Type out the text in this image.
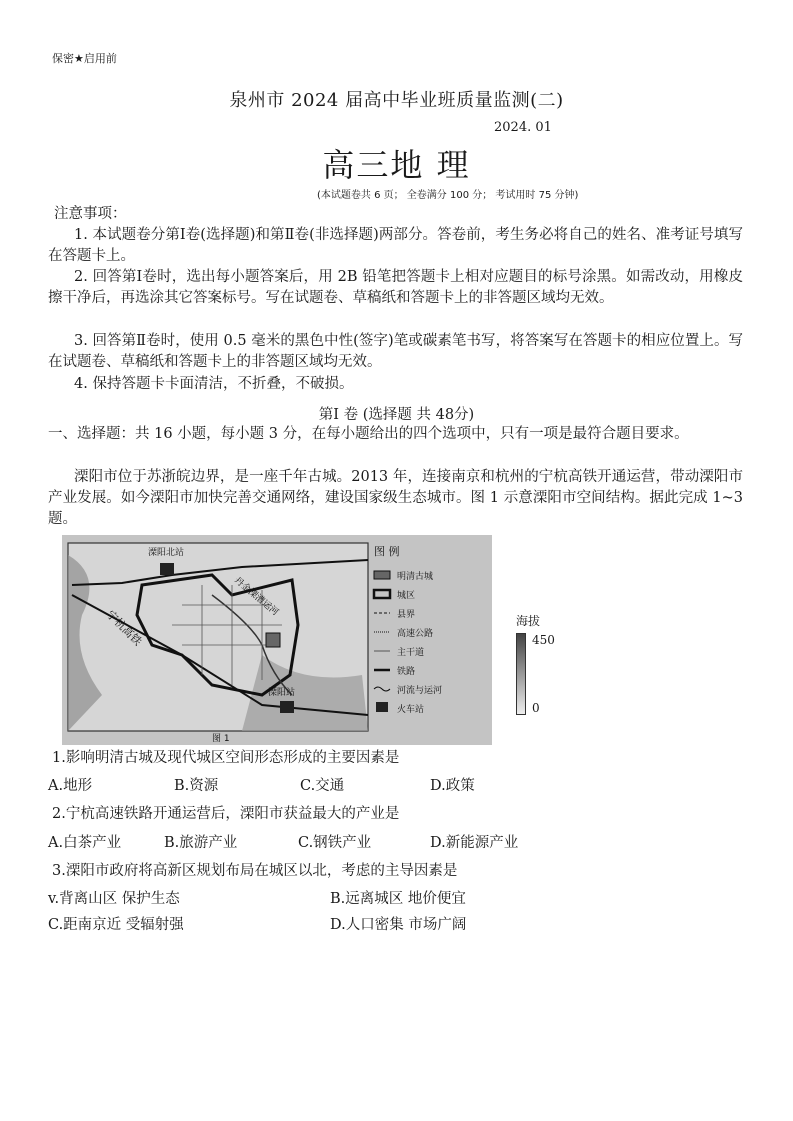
保密★启用前
泉州市 2024 届高中毕业班质量监测(二)
2024. 01
高三地 理
(本试题卷共 6 页； 全卷满分 100 分； 考试用时 75 分钟)
注意事项：
1. 本试题卷分第Ⅰ卷(选择题)和第Ⅱ卷(非选择题)两部分。答卷前，考生务必将自己的姓名、准考证号填写在答题卡上。
2. 回答第Ⅰ卷时，选出每小题答案后，用 2B 铅笔把答题卡上相对应题目的标号涂黑。如需改动，用橡皮擦干净后，再选涂其它答案标号。写在试题卷、草稿纸和答题卡上的非答题区域均无效。
3. 回答第Ⅱ卷时，使用 0.5 毫米的黑色中性(签字)笔或碳素笔书写，将答案写在答题卡的相应位置上。写在试题卷、草稿纸和答题卡上的非答题区域均无效。
4. 保持答题卡卡面清洁，不折叠，不破损。
第Ⅰ 卷 (选择题 共 48分)
一、选择题：共 16 小题，每小题 3 分，在每小题给出的四个选项中，只有一项是最符合题目要求。
溧阳市位于苏浙皖边界，是一座千年古城。2013 年，连接南京和杭州的宁杭高铁开通运营，带动溧阳市产业发展。如今溧阳市加快完善交通网络，建设国家级生态城市。图 1 示意溧阳市空间结构。据此完成 1~3 题。
溧阳北站
丹金溧漕运河
宁杭高铁
溧阳站
图 1
图 例
明清古城
城区
县界
高速公路
主干道
铁路
河流与运河
火车站
海拔
450
0
1.影响明清古城及现代城区空间形态形成的主要因素是
A.地形	B.资源	C.交通	D.政策
2.宁杭高速铁路开通运营后，溧阳市获益最大的产业是
A.白茶产业	B.旅游产业	C.钢铁产业	D.新能源产业
3.溧阳市政府将高新区规划布局在城区以北，考虑的主导因素是
v.背离山区 保护生态	B.远离城区 地价便宜
C.距南京近 受辐射强	D.人口密集 市场广阔
